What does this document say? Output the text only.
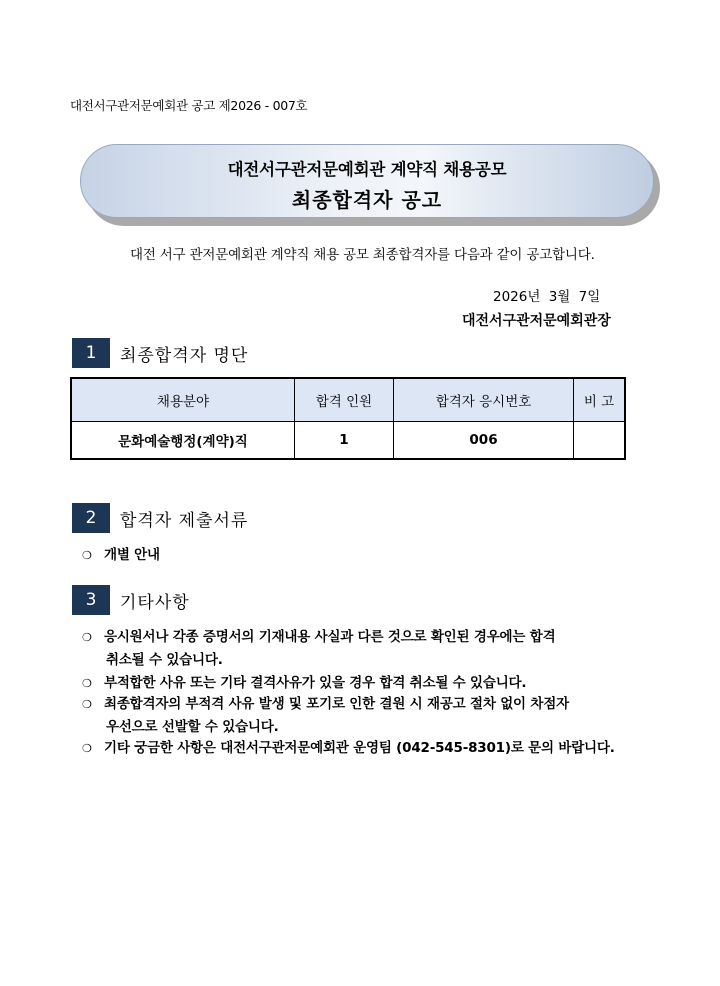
대전서구관저문예회관 공고 제2026 - 007호
대전서구관저문예회관 계약직 채용공모
최종합격자 공고
대전 서구 관저문예회관 계약직 채용 공모 최종합격자를 다음과 같이 공고합니다.
2026년 3월 7일
대전서구관저문예회관장
1	최종합격자 명단
채용분야	합격 인원	합격자 응시번호	비 고
문화예술행정(계약)직	1	006	
2	합격자 제출서류
❍ 개별 안내
3	기타사항
❍ 응시원서나 각종 증명서의 기재내용 사실과 다른 것으로 확인된 경우에는 합격
취소될 수 있습니다.
❍ 부적합한 사유 또는 기타 결격사유가 있을 경우 합격 취소될 수 있습니다.
❍ 최종합격자의 부적격 사유 발생 및 포기로 인한 결원 시 재공고 절차 없이 차점자
우선으로 선발할 수 있습니다.
❍ 기타 궁금한 사항은 대전서구관저문예회관 운영팀 (042-545-8301)로 문의 바랍니다.
